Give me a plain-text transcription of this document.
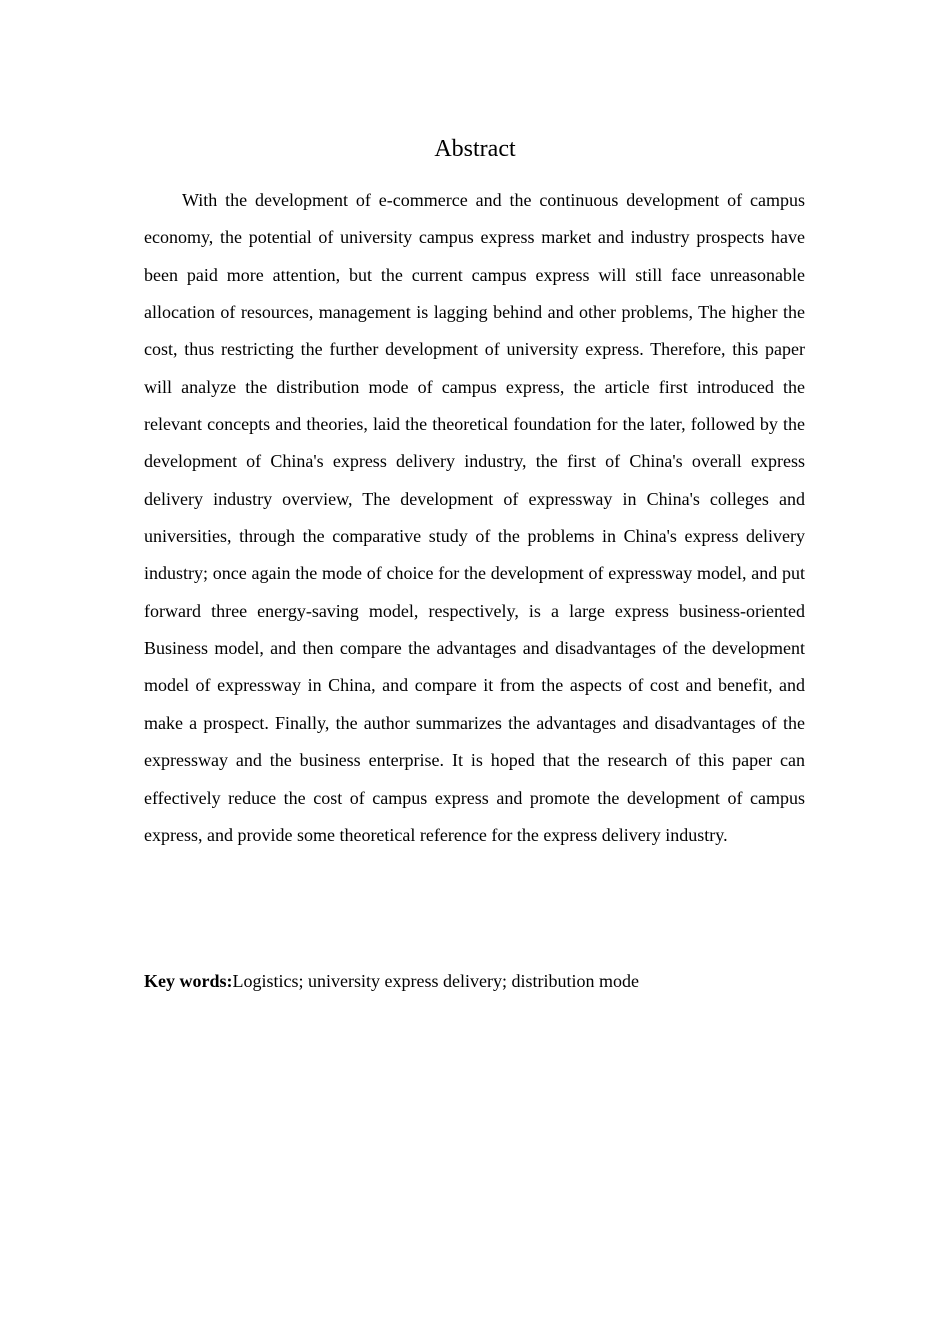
Abstract

With the development of e-commerce and the continuous development of campus economy, the potential of university campus express market and industry prospects have been paid more attention, but the current campus express will still face unreasonable allocation of resources, management is lagging behind and other problems, The higher the cost, thus restricting the further development of university express. Therefore, this paper will analyze the distribution mode of campus express, the article first introduced the relevant concepts and theories, laid the theoretical foundation for the later, followed by the development of China's express delivery industry, the first of China's overall express delivery industry overview, The development of expressway in China's colleges and universities, through the comparative study of the problems in China's express delivery industry; once again the mode of choice for the development of expressway model, and put forward three energy-saving model, respectively, is a large express business-oriented Business model, and then compare the advantages and disadvantages of the development model of expressway in China, and compare it from the aspects of cost and benefit, and make a prospect. Finally, the author summarizes the advantages and disadvantages of the expressway and the business enterprise. It is hoped that the research of this paper can effectively reduce the cost of campus express and promote the development of campus express, and provide some theoretical reference for the express delivery industry.

Key words:Logistics; university express delivery; distribution mode
